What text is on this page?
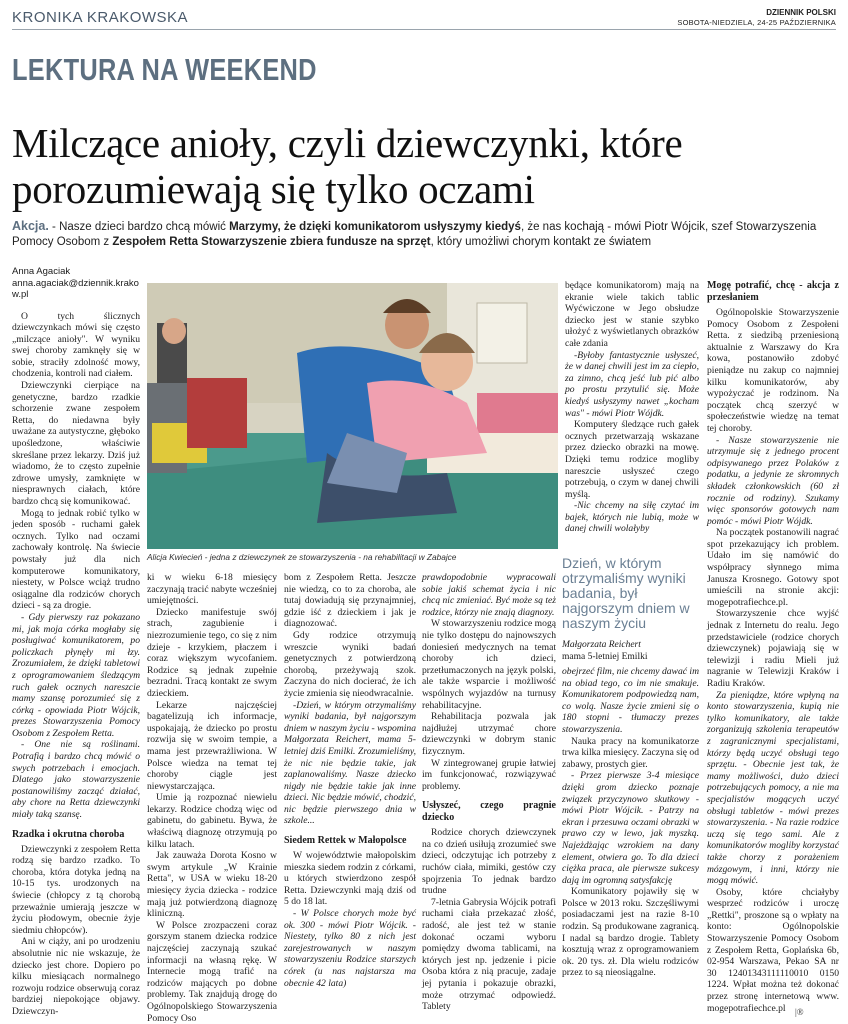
KRONIKA KRAKOWSKA	DZIENNIK POLSKI
SOBOTA-NIEDZIELA, 24-25 PAŹDZIERNIKA
LEKTURA NA WEEKEND
Milczące anioły, czyli dziewczynki, które
porozumiewają się tylko oczami
Akcja. - Nasze dzieci bardzo chcą mówić Marzymy, że dzięki komunikatorom usłyszymy kiedyś, że nas kochają - mówi Piotr Wójcik, szef Stowarzyszenia Pomocy Osobom z Zespołem Retta Stowarzyszenie zbiera fundusze na sprzęt, który umożliwi chorym kontakt ze światem
Alicja Kwiecień - jedna z dziewczynek ze stowarzyszenia - na rehabilitacji w Zabajce
Anna Agaciak
anna.agaciak@dziennik.krakow.pl

O tych ślicznych dziewczynkach mówi się często „milczące anioły". W wyniku swej choroby zamknęły się w sobie, straciły zdolność mowy, chodzenia, kontroli nad ciałem.

Dziewczynki cierpiące na genetyczne, bardzo rzadkie schorzenie zwane zespołem Retta, do niedawna były uważane za autystyczne, głęboko upośledzone, właściwie skreślane przez lekarzy. Dziś już wiadomo, że to często zupełnie zdrowe umysły, zamknięte w niesprawnych ciałach, które bardzo chcą się komunikować.

Mogą to jednak robić tylko w jeden sposób - ruchami gałek ocznych. Tylko nad oczami zachowały kontrolę. Na świecie powstały już dla nich komputerowe komunikatory, niestety, w Polsce wciąż trudno osiągalne dla rodziców chorych dzieci - są za drogie.

- Gdy pierwszy raz pokazano mi, jak moja córka mogłaby się posługiwać komunikatorem, po policzkach płynęły mi łzy. Zrozumiałem, że dzięki tabletowi z oprogramowaniem śledzącym ruch gałek ocznych nareszcie mamy szansę porozumieć się z córką - opowiada Piotr Wójcik, prezes Stowarzyszenia Pomocy Osobom z Zespołem Retta.

- One nie są roślinami. Potrafią i bardzo chcą mówić o swych potrzebach i emocjach. Dlatego jako stowarzyszenie postanowiliśmy zacząć działać, aby chore na Retta dziewczynki miały taką szansę.

Rzadka i okrutna choroba

Dziewczynki z zespołem Retta rodzą się bardzo rzadko. To choroba, która dotyka jedną na 10-15 tys. urodzonych na świecie (chłopcy z tą chorobą przeważnie umierają jeszcze w życiu płodowym, obecnie żyje siedmiu chłopców).

Ani w ciąży, ani po urodzeniu absolutnie nic nie wskazuje, że dziecko jest chore. Dopiero po kilku miesiącach normalnego rozwoju rodzice obserwują coraz bardziej niepokojące objawy. Dziewczyn-

ki w wieku 6-18 miesięcy zaczynają tracić nabyte wcześniej umiejętności.

Dziecko manifestuje swój strach, zagubienie i niezrozumienie tego, co się z nim dzieje - krzykiem, płaczem i coraz większym wycofaniem. Rodzice są jednak zupełnie bezradni. Tracą kontakt ze swym dzieckiem.

Lekarze najczęściej bagatelizują ich informacje, uspokajają, że dziecko po prostu rozwija się w swoim tempie, a mama jest przewrażliwiona. W Polsce wiedza na temat tej choroby ciągle jest niewystarczająca.

Umie ją rozpoznać niewielu lekarzy. Rodzice chodzą więc od gabinetu, do gabinetu. Bywa, że właściwą diagnozę otrzymują po kilku latach.

Jak zauważa Dorota Kosno w swym artykule „W Krainie Retta", w USA w wieku 18-20 miesięcy życia dziecka - rodzice mają już potwierdzoną diagnozę kliniczną.

W Polsce zrozpaczeni coraz gorszym stanem dziecka rodzice najczęściej zaczynają szukać informacji na własną rękę. W Internecie mogą trafić na rodziców mających po dobne problemy. Tak znajdują drogę do Ogólnopolskiego Stowarzyszenia Pomocy Oso

bom z Zespołem Retta. Jeszcze nie wiedzą, co to za choroba, ale tutaj dowiadują się przynajmniej, gdzie iść z dzieckiem i jak je diagnozować.

Gdy rodzice otrzymują wreszcie wyniki badań genetycznych z potwierdzoną chorobą, przeżywają szok. Zaczyna do nich docierać, że ich życie zmienia się nieodwracalnie.

-Dzień, w którym otrzymaliśmy wyniki badania, był najgorszym dniem w naszym życiu - wspomina Małgorzata Reichert, mama 5-letniej dziś Emilki. Zrozumieliśmy, że nic nie będzie takie, jak zaplanowaliśmy. Nasze dziecko nigdy nie będzie takie jak inne dzieci. Nic będzie mówić, chodzić, nic będzie pierwszego dnia w szkole...

Siedem Rettek w Małopolsce

W województwie małopolskim mieszka siedem rodzin z córkami, u których stwierdzono zespół Retta. Dziewczynki mają dziś od 5 do 18 lat.

- W Polsce chorych może być ok. 300 - mówi Piotr Wójcik. - Niestety, tylko 80 z nich jest zarejestrowanych w naszym stowarzyszeniu Rodzice starszych córek (u nas najstarsza ma obecnie 42 lata)

prawdopodobnie wypracowali sobie jakiś schemat życia i nic chcą nic zmieniać. Być może są też rodzice, którzy nie znają diagnozy.

W stowarzyszeniu rodzice mogą nie tylko dostępu do najnowszych doniesień medycznych na temat choroby ich dzieci, przetłumaczonych na język polski, ale także wsparcie i możliwość wspólnych wyjazdów na turnusy rehabilitacyjne.

Rehabilitacja pozwala jak najdłużej utrzymać chore dziewczynki w dobrym stanic fizycznym.

W zintegrowanej grupie łatwiej im funkcjonować, rozwiązywać problemy.

Usłyszeć, czego pragnie dziecko

Rodzice chorych dziewczynek na co dzień usiłują zrozumieć swe dzieci, odczytując ich potrzeby z ruchów ciała, mimiki, gestów czy spojrzenia To jednak bardzo trudne

7-letnia Gabrysia Wójcik potrafi ruchami ciała przekazać złość, radość, ale jest też w stanie dokonać oczami wyboru pomiędzy dwoma tablicami, na których jest np. jedzenie i picie Osoba która z nią pracuje, zadaje jej pytania i pokazuje obrazki, może otrzymać odpowiedź. Tablety

będące komunikatorom) mają na ekranie wiele takich tablic Wyćwiczone w Jego obsłudze dziecko jest w stanie szybko ułożyć z wyświetlanych obrazków całe zdania

-Byłoby fantastycznie usłyszeć, że w danej chwili jest im za ciepło, za zimno, chcą jeść lub pić albo po prostu przytulić się. Może kiedyś usłyszymy nawet „kocham was" - mówi Piotr Wójdk.

Komputery śledzące ruch gałek ocznych przetwarzają wskazane przez dziecko obrazki na mowę. Dzięki temu rodzice mogliby nareszcie usłyszeć czego potrzebują, o czym w danej chwili myślą.

-Nic chcemy na siłę czytać im bajek, których nie lubią, może w danej chwili wolałyby

Dzień, w którym otrzymaliśmy wyniki badania, był najgorszym dniem w naszym życiu
Małgorzata Reichert
mama 5-letniej Emilki

obejrzeć film, nie chcemy dawać im na obiad tego, co im nie smakuje. Komunikatorem podpowiedzą nam, co wolą. Nasze życie zmieni się o 180 stopni - tłumaczy prezes stowarzyszenia.

Nauka pracy na komunikatorze trwa kilka miesięcy. Zaczyna się od zabawy, prostych gier.

- Przez pierwsze 3-4 miesiące dzięki grom dziecko poznaje związek przyczynowo skutkowy - mówi Piotr Wójcik. - Patrzy na ekran i przesuwa oczami obrazki w prawo czy w lewo, jak myszką. Najeżdżając wzrokiem na dany element, otwiera go. To dla dzieci ciężka praca, ale pierwsze sukcesy dają im ogromną satysfakcję

Komunikatory pojawiły się w Polsce w 2013 roku. Szczęśliwymi posiadaczami jest na razie 8-10 rodzin. Są produkowane zagranicą. I nadal są bardzo drogie. Tablety kosztują wraz z oprogramowaniem ok. 20 tys. zł. Dla wielu rodziców przez to są nieosiągalne.

Mogę potrafić, chcę - akcja z przesłaniem

Ogólnopolskie Stowarzyszenie Pomocy Osobom z Zespołeni Retta. z siedzibą przeniesioną aktualnie z Warszawy do Kra kowa, postanowiło zdobyć pieniądze nu zakup co najmniej kilku komunikatorów, aby wypożyczać je rodzinom. Na początek chcą szerzyć w społeczeństwie wiedzę na temat tej choroby.

- Nasze stowarzyszenie nie utrzymuje się z jednego procent odpisywanego przez Polaków z podatku, a jedynie ze skromnych składek członkowskich (60 zł rocznie od rodziny). Szukamy więc sponsorów gotowych nam pomóc - mówi Piotr Wójdk.

Na początek postanowili nagrać spot przekazujący ich problem. Udało im się namówić do współpracy słynnego mima Janusza Krosnego. Gotowy spot umieścili na stronie akcji: mogepotrafiechce.pl.

Stowarzyszenie chce wyjść jednak z Internetu do realu. Jego przedstawiciele (rodzice chorych dziewczynek) pojawiają się w telewizji i radiu Mieli już nagranie w Telewizji Kraków i Radiu Kraków.

Za pieniądze, które wpłyną na konto stowarzyszenia, kupią nie tylko komunikatory, ale także zorganizują szkolenia terapeutów z zagranicznymi specjalistami, którzy będą uczyć obsługi tego sprzętu. - Obecnie jest tak, że mamy możliwości, dużo dzieci potrzebujących pomocy, a nie ma specjalistów mogących uczyć obsługi tabletów - mówi prezes stowarzyszenia. - Na razie rodzice uczą się tego sami. Ale z komunikatorów mogliby korzystać także chorzy z porażeniem mózgowym, i inni, którzy nie mogą mówić.

Osoby, które chciałyby wesprzeć rodziców i uroczę „Rettki", proszone są o wpłaty na konto: Ogólnopolskie Stowarzyszenie Pomocy Osobom z Zespołem Retta, Goplańska 6b, 02-954 Warszawa, Pekao SA nr 30 12401343111110010 0150 1224. Wpłat można też dokonać przez stronę internetową www. mogepotrafiechce.pl	|®
